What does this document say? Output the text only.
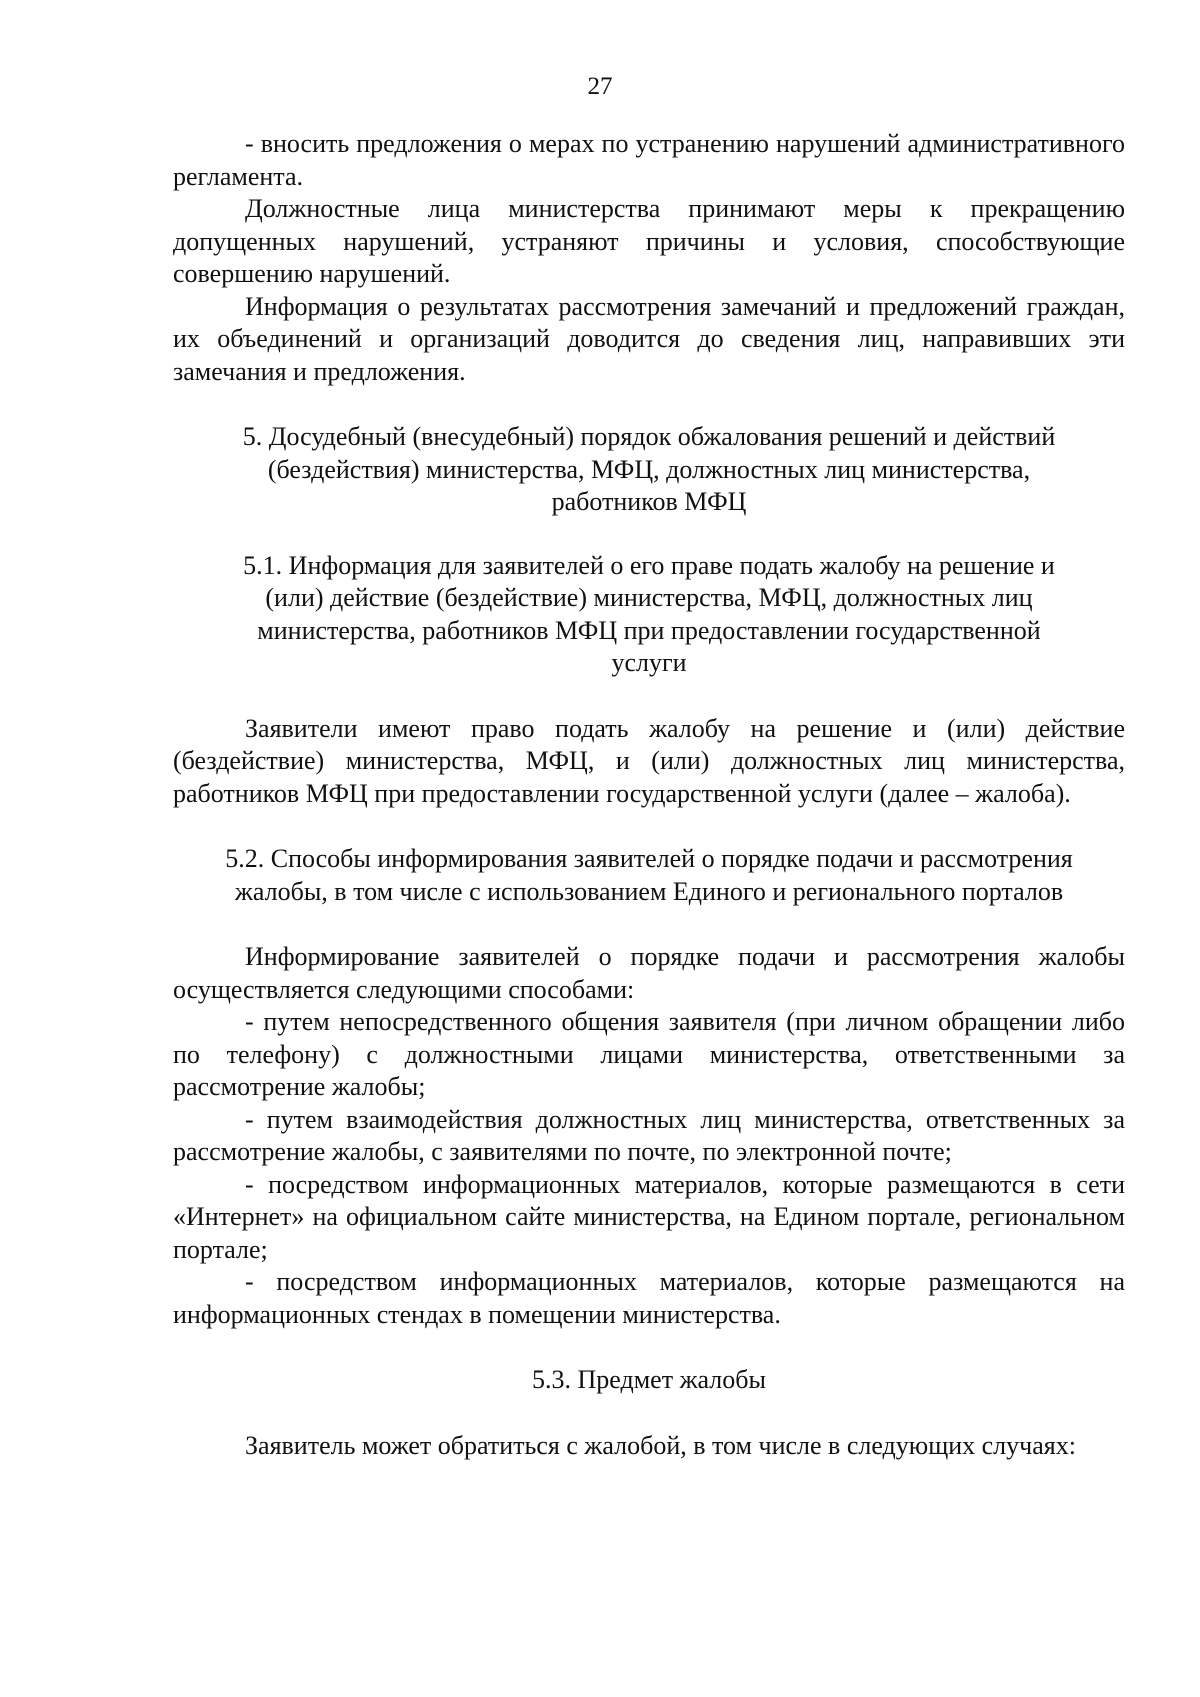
27

- вносить предложения о мерах по устранению нарушений административного регламента.

Должностные лица министерства принимают меры к прекращению допущенных нарушений, устраняют причины и условия, способствующие совершению нарушений.

Информация о результатах рассмотрения замечаний и предложений граждан, их объединений и организаций доводится до сведения лиц, направивших эти замечания и предложения.

5. Досудебный (внесудебный) порядок обжалования решений и действий
(бездействия) министерства, МФЦ, должностных лиц министерства,
работников МФЦ
5.1. Информация для заявителей о его праве подать жалобу на решение и
(или) действие (бездействие) министерства, МФЦ, должностных лиц
министерства, работников МФЦ при предоставлении государственной
услуги

Заявители имеют право подать жалобу на решение и (или) действие (бездействие) министерства, МФЦ, и (или) должностных лиц министерства, работников МФЦ при предоставлении государственной услуги (далее – жалоба).

5.2. Способы информирования заявителей о порядке подачи и рассмотрения
жалобы, в том числе с использованием Единого и регионального порталов

Информирование заявителей о порядке подачи и рассмотрения жалобы осуществляется следующими способами:

- путем непосредственного общения заявителя (при личном обращении либо по телефону) с должностными лицами министерства, ответственными за рассмотрение жалобы;

- путем взаимодействия должностных лиц министерства, ответственных за рассмотрение жалобы, с заявителями по почте, по электронной почте;

- посредством информационных материалов, которые размещаются в сети «Интернет» на официальном сайте министерства, на Едином портале, региональном портале;

- посредством информационных материалов, которые размещаются на информационных стендах в помещении министерства.

5.3. Предмет жалобы

Заявитель может обратиться с жалобой, в том числе в следующих случаях:
